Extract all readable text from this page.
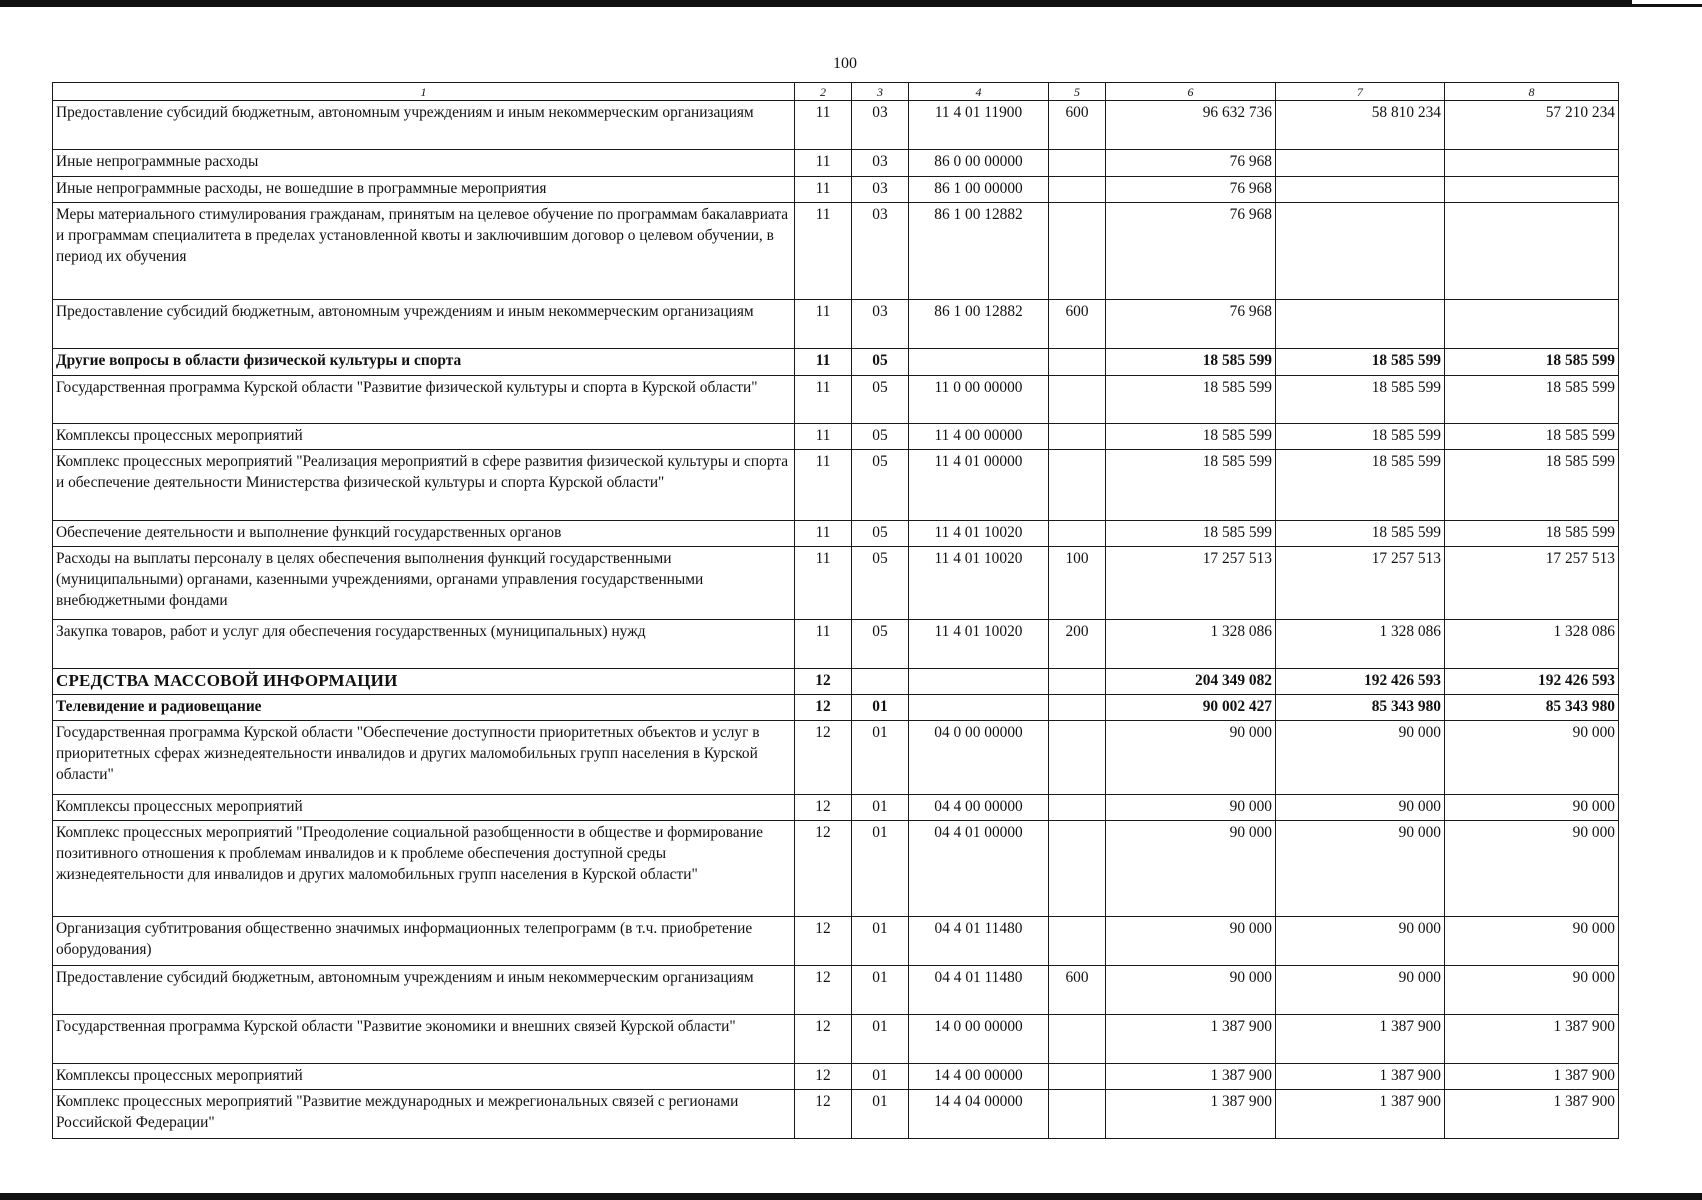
100
1	2	3	4	5	6	7	8
Предоставление субсидий бюджетным, автономным учреждениям и иным некоммерческим организациям	11	03	11 4 01 11900	600	96 632 736	58 810 234	57 210 234
Иные непрограммные расходы	11	03	86 0 00 00000		76 968		
Иные непрограммные расходы, не вошедшие в программные мероприятия	11	03	86 1 00 00000		76 968		
Меры материального стимулирования гражданам, принятым на целевое обучение по программам бакалавриата и программам специалитета в пределах установленной квоты и заключившим договор о целевом обучении, в период их обучения	11	03	86 1 00 12882		76 968		
Предоставление субсидий бюджетным, автономным учреждениям и иным некоммерческим организациям	11	03	86 1 00 12882	600	76 968		
Другие вопросы в области физической культуры и спорта	11	05			18 585 599	18 585 599	18 585 599
Государственная программа Курской области "Развитие физической культуры и спорта в Курской области"	11	05	11 0 00 00000		18 585 599	18 585 599	18 585 599
Комплексы процессных мероприятий	11	05	11 4 00 00000		18 585 599	18 585 599	18 585 599
Комплекс процессных мероприятий "Реализация мероприятий в сфере развития физической культуры и спорта и обеспечение деятельности Министерства физической культуры и спорта Курской области"	11	05	11 4 01 00000		18 585 599	18 585 599	18 585 599
Обеспечение деятельности и выполнение функций государственных органов	11	05	11 4 01 10020		18 585 599	18 585 599	18 585 599
Расходы на выплаты персоналу в целях обеспечения выполнения функций государственными (муниципальными) органами, казенными учреждениями, органами управления государственными внебюджетными фондами	11	05	11 4 01 10020	100	17 257 513	17 257 513	17 257 513
Закупка товаров, работ и услуг для обеспечения государственных (муниципальных) нужд	11	05	11 4 01 10020	200	1 328 086	1 328 086	1 328 086
СРЕДСТВА МАССОВОЙ ИНФОРМАЦИИ	12				204 349 082	192 426 593	192 426 593
Телевидение и радиовещание	12	01			90 002 427	85 343 980	85 343 980
Государственная программа Курской области "Обеспечение доступности приоритетных объектов и услуг в приоритетных сферах жизнедеятельности инвалидов и других маломобильных групп населения в Курской области"	12	01	04 0 00 00000		90 000	90 000	90 000
Комплексы процессных мероприятий	12	01	04 4 00 00000		90 000	90 000	90 000
Комплекс процессных мероприятий "Преодоление социальной разобщенности в обществе и формирование позитивного отношения к проблемам инвалидов и к проблеме обеспечения доступной среды жизнедеятельности для инвалидов и других маломобильных групп населения в Курской области"	12	01	04 4 01 00000		90 000	90 000	90 000
Организация субтитрования общественно значимых информационных телепрограмм (в т.ч. приобретение оборудования)	12	01	04 4 01 11480		90 000	90 000	90 000
Предоставление субсидий бюджетным, автономным учреждениям и иным некоммерческим организациям	12	01	04 4 01 11480	600	90 000	90 000	90 000
Государственная программа Курской области "Развитие экономики и внешних связей Курской области"	12	01	14 0 00 00000		1 387 900	1 387 900	1 387 900
Комплексы процессных мероприятий	12	01	14 4 00 00000		1 387 900	1 387 900	1 387 900
Комплекс процессных мероприятий "Развитие международных и межрегиональных связей с регионами Российской Федерации"	12	01	14 4 04 00000		1 387 900	1 387 900	1 387 900
